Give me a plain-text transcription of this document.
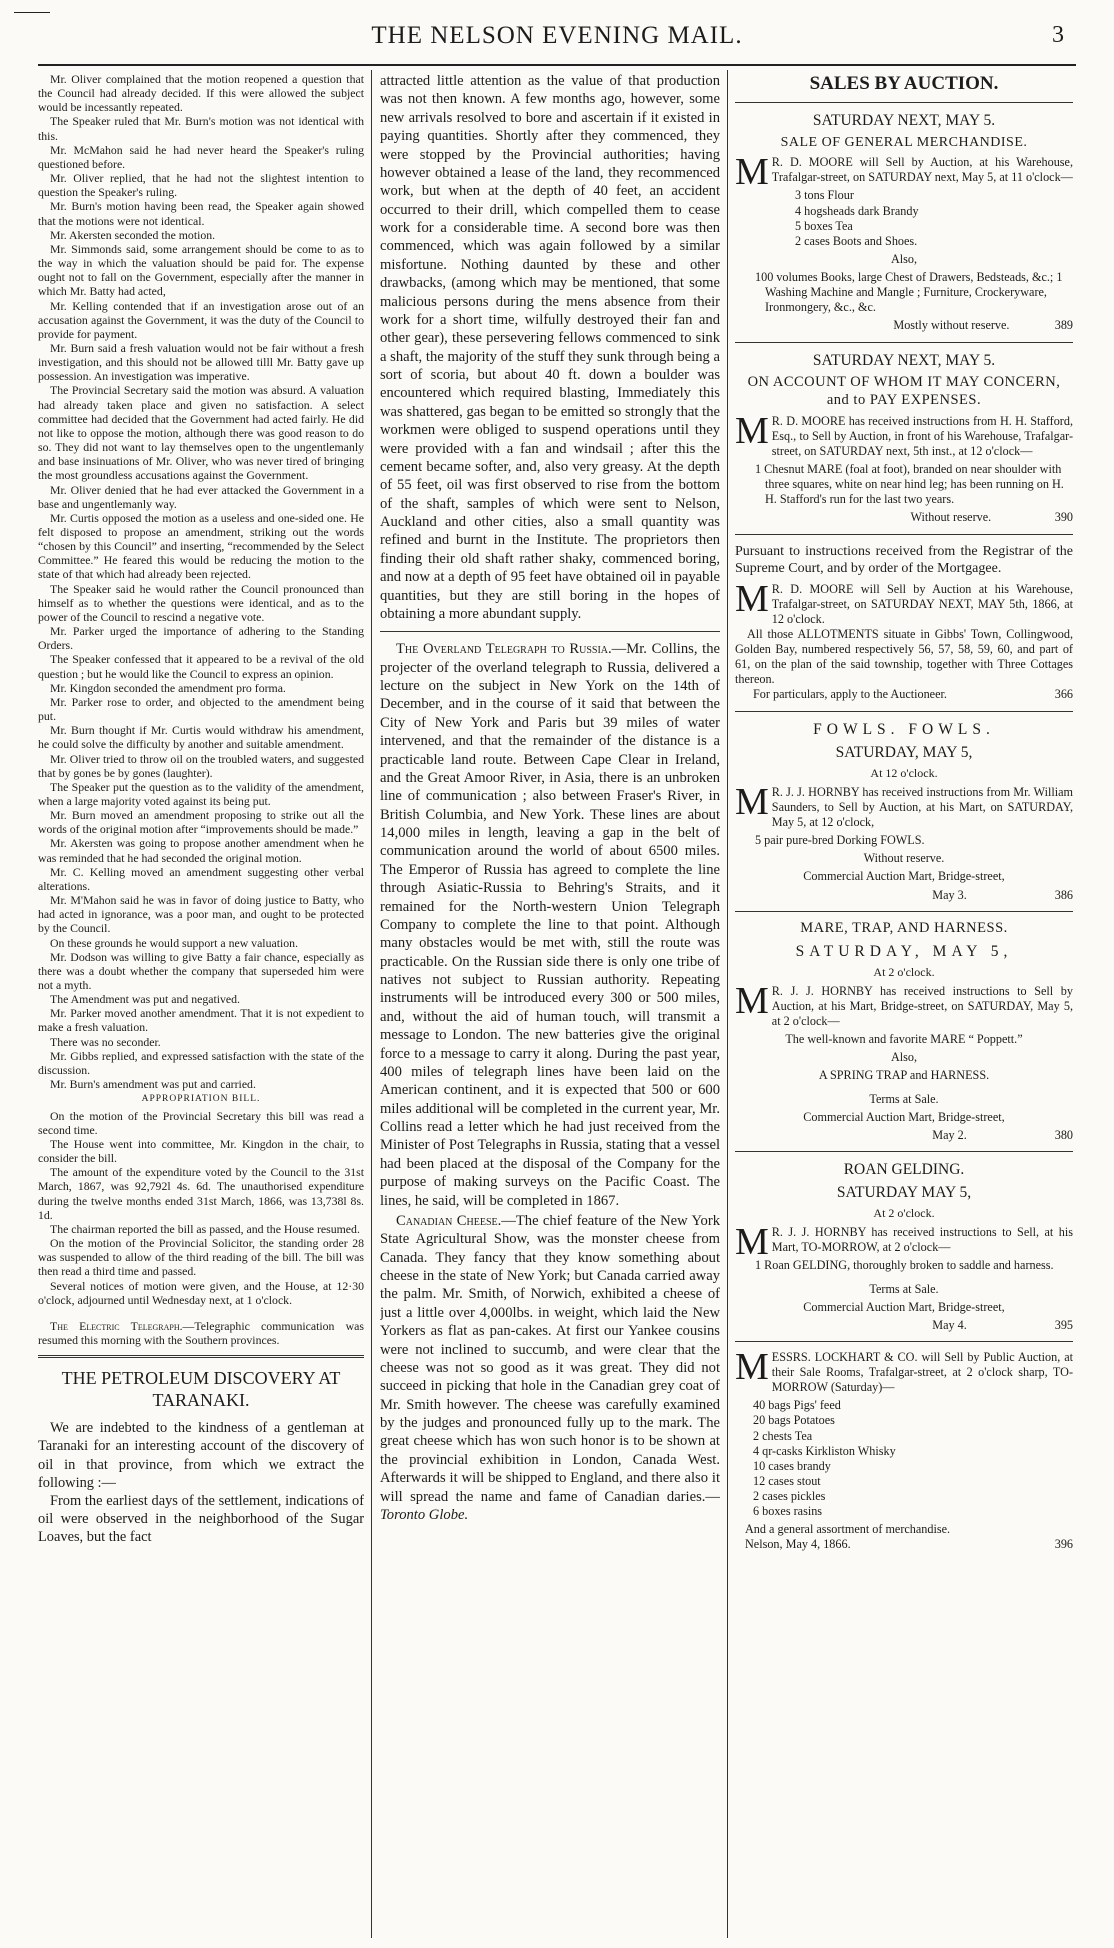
THE NELSON EVENING MAIL.	3

Mr. Oliver complained that the motion reopened a question that the Council had already decided. If this were allowed the subject would be incessantly repeated.

The Speaker ruled that Mr. Burn's motion was not identical with this.

Mr. McMahon said he had never heard the Speaker's ruling questioned before.

Mr. Oliver replied, that he had not the slightest intention to question the Speaker's ruling.

Mr. Burn's motion having been read, the Speaker again showed that the motions were not identical.

Mr. Akersten seconded the motion.

Mr. Simmonds said, some arrangement should be come to as to the way in which the valuation should be paid for. The expense ought not to fall on the Government, especially after the manner in which Mr. Batty had acted,

Mr. Kelling contended that if an investigation arose out of an accusation against the Government, it was the duty of the Council to provide for payment.

Mr. Burn said a fresh valuation would not be fair without a fresh investigation, and this should not be allowed tilll Mr. Batty gave up possession. An investigation was imperative.

The Provincial Secretary said the motion was absurd. A valuation had already taken place and given no satisfaction. A select committee had decided that the Government had acted fairly. He did not like to oppose the motion, although there was good reason to do so. They did not want to lay themselves open to the ungentlemanly and base insinuations of Mr. Oliver, who was never tired of bringing the most groundless accusations against the Government.

Mr. Oliver denied that he had ever attacked the Government in a base and ungentlemanly way.

Mr. Curtis opposed the motion as a useless and one-sided one. He felt disposed to propose an amendment, striking out the words “chosen by this Council” and inserting, “recommended by the Select Committee.” He feared this would be reducing the motion to the state of that which had already been rejected.

The Speaker said he would rather the Council pronounced than himself as to whether the questions were identical, and as to the power of the Council to rescind a negative vote.

Mr. Parker urged the importance of adhering to the Standing Orders.

The Speaker confessed that it appeared to be a revival of the old question ; but he would like the Council to express an opinion.

Mr. Kingdon seconded the amendment pro forma.

Mr. Parker rose to order, and objected to the amendment being put.

Mr. Burn thought if Mr. Curtis would withdraw his amendment, he could solve the difficulty by another and suitable amendment.

Mr. Oliver tried to throw oil on the troubled waters, and suggested that by gones be by gones (laughter).

The Speaker put the question as to the validity of the amendment, when a large majority voted against its being put.

Mr. Burn moved an amendment proposing to strike out all the words of the original motion after “improvements should be made.”

Mr. Akersten was going to propose another amendment when he was reminded that he had seconded the original motion.

Mr. C. Kelling moved an amendment suggesting other verbal alterations.

Mr. M'Mahon said he was in favor of doing justice to Batty, who had acted in ignorance, was a poor man, and ought to be protected by the Council.

On these grounds he would support a new valuation.

Mr. Dodson was willing to give Batty a fair chance, especially as there was a doubt whether the company that superseded him were not a myth.

The Amendment was put and negatived.

Mr. Parker moved another amendment. That it is not expedient to make a fresh valuation.

There was no seconder.

Mr. Gibbs replied, and expressed satisfaction with the state of the discussion.

Mr. Burn's amendment was put and carried.

APPROPRIATION BILL.

On the motion of the Provincial Secretary this bill was read a second time.

The House went into committee, Mr. Kingdon in the chair, to consider the bill.

The amount of the expenditure voted by the Council to the 31st March, 1867, was 92,792l 4s. 6d. The unauthorised expenditure during the twelve months ended 31st March, 1866, was 13,738l 8s. 1d.

The chairman reported the bill as passed, and the House resumed.

On the motion of the Provincial Solicitor, the standing order 28 was suspended to allow of the third reading of the bill. The bill was then read a third time and passed.

Several notices of motion were given, and the House, at 12·30 o'clock, adjourned until Wednesday next, at 1 o'clock.

The Electric Telegraph.—Telegraphic communication was resumed this morning with the Southern provinces.

THE PETROLEUM DISCOVERY AT TARANAKI.

We are indebted to the kindness of a gentleman at Taranaki for an interesting account of the discovery of oil in that province, from which we extract the following :—

From the earliest days of the settlement, indications of oil were observed in the neighborhood of the Sugar Loaves, but the fact

attracted little attention as the value of that production was not then known. A few months ago, however, some new arrivals resolved to bore and ascertain if it existed in paying quantities. Shortly after they commenced, they were stopped by the Provincial authorities; having however obtained a lease of the land, they recommenced work, but when at the depth of 40 feet, an accident occurred to their drill, which compelled them to cease work for a considerable time. A second bore was then commenced, which was again followed by a similar misfortune. Nothing daunted by these and other drawbacks, (among which may be mentioned, that some malicious persons during the mens absence from their work for a short time, wilfully destroyed their fan and other gear), these persevering fellows commenced to sink a shaft, the majority of the stuff they sunk through being a sort of scoria, but about 40 ft. down a boulder was encountered which required blasting, Immediately this was shattered, gas began to be emitted so strongly that the workmen were obliged to suspend operations until they were provided with a fan and windsail ; after this the cement became softer, and, also very greasy. At the depth of 55 feet, oil was first observed to rise from the bottom of the shaft, samples of which were sent to Nelson, Auckland and other cities, also a small quantity was refined and burnt in the Institute. The proprietors then finding their old shaft rather shaky, commenced boring, and now at a depth of 95 feet have obtained oil in payable quantities, but they are still boring in the hopes of obtaining a more abundant supply.

The Overland Telegraph to Russia.—Mr. Collins, the projecter of the overland telegraph to Russia, delivered a lecture on the subject in New York on the 14th of December, and in the course of it said that between the City of New York and Paris but 39 miles of water intervened, and that the remainder of the distance is a practicable land route. Between Cape Clear in Ireland, and the Great Amoor River, in Asia, there is an unbroken line of communication ; also between Fraser's River, in British Columbia, and New York. These lines are about 14,000 miles in length, leaving a gap in the belt of communication around the world of about 6500 miles. The Emperor of Russia has agreed to complete the line through Asiatic-Russia to Behring's Straits, and it remained for the North-western Union Telegraph Company to complete the line to that point. Although many obstacles would be met with, still the route was practicable. On the Russian side there is only one tribe of natives not subject to Russian authority. Repeating instruments will be introduced every 300 or 500 miles, and, without the aid of human touch, will transmit a message to London. The new batteries give the original force to a message to carry it along. During the past year, 400 miles of telegraph lines have been laid on the American continent, and it is expected that 500 or 600 miles additional will be completed in the current year, Mr. Collins read a letter which he had just received from the Minister of Post Telegraphs in Russia, stating that a vessel had been placed at the disposal of the Company for the purpose of making surveys on the Pacific Coast. The lines, he said, will be completed in 1867.

Canadian Cheese.—The chief feature of the New York State Agricultural Show, was the monster cheese from Canada. They fancy that they know something about cheese in the state of New York; but Canada carried away the palm. Mr. Smith, of Norwich, exhibited a cheese of just a little over 4,000lbs. in weight, which laid the New Yorkers as flat as pan-cakes. At first our Yankee cousins were not inclined to succumb, and were clear that the cheese was not so good as it was great. They did not succeed in picking that hole in the Canadian grey coat of Mr. Smith however. The cheese was carefully examined by the judges and pronounced fully up to the mark. The great cheese which has won such honor is to be shown at the provincial exhibition in London, Canada West. Afterwards it will be shipped to England, and there also it will spread the name and fame of Canadian daries.—Toronto Globe.

SALES BY AUCTION.
SATURDAY NEXT, MAY 5.
SALE OF GENERAL MERCHANDISE.

M R. D. MOORE will Sell by Auction, at his Warehouse, Trafalgar-street, on SATURDAY next, May 5, at 11 o'clock—

3 tons Flour
4 hogsheads dark Brandy
5 boxes Tea
2 cases Boots and Shoes.
Also,
100 volumes Books, large Chest of Drawers, Bedsteads, &c.; 1 Washing Machine and Mangle ; Furniture, Crockeryware, Ironmongery, &c., &c.
Mostly without reserve.	389
SATURDAY NEXT, MAY 5.
ON ACCOUNT OF WHOM IT MAY CONCERN, and to PAY EXPENSES.

M R. D. MOORE has received instructions from H. H. Stafford, Esq., to Sell by Auction, in front of his Warehouse, Trafalgar-street, on SATURDAY next, 5th inst., at 12 o'clock—

1 Chesnut MARE (foal at foot), branded on near shoulder with three squares, white on near hind leg; has been running on H. H. Stafford's run for the last two years.
Without reserve.	390

Pursuant to instructions received from the Registrar of the Supreme Court, and by order of the Mortgagee.

M R. D. MOORE will Sell by Auction at his Warehouse, Trafalgar-street, on SATURDAY NEXT, MAY 5th, 1866, at 12 o'clock.

All those ALLOTMENTS situate in Gibbs' Town, Collingwood, Golden Bay, numbered respectively 56, 57, 58, 59, 60, and part of 61, on the plan of the said township, together with Three Cottages thereon.

For particulars, apply to the Auctioneer.	366
FOWLS. FOWLS.
SATURDAY, MAY 5,
At 12 o'clock.

M R. J. J. HORNBY has received instructions from Mr. William Saunders, to Sell by Auction, at his Mart, on SATURDAY, May 5, at 12 o'clock,

5 pair pure-bred Dorking FOWLS.
Without reserve.
Commercial Auction Mart, Bridge-street,
May 3.	386
MARE, TRAP, AND HARNESS.
SATURDAY, MAY 5,
At 2 o'clock.

M R. J. J. HORNBY has received instructions to Sell by Auction, at his Mart, Bridge-street, on SATURDAY, May 5, at 2 o'clock—

The well-known and favorite MARE “ Poppett.”
Also,
A SPRING TRAP and HARNESS.
Terms at Sale.
Commercial Auction Mart, Bridge-street,
May 2.	380
ROAN GELDING.
SATURDAY MAY 5,
At 2 o'clock.

M R. J. J. HORNBY has received instructions to Sell, at his Mart, TO-MORROW, at 2 o'clock—

1 Roan GELDING, thoroughly broken to saddle and harness.
Terms at Sale.
Commercial Auction Mart, Bridge-street,
May 4.	395

MESSRS. LOCKHART & CO. will Sell by Public Auction, at their Sale Rooms, Trafalgar-street, at 2 o'clock sharp, TO-MORROW (Saturday)—

40 bags Pigs' feed
20 bags Potatoes
2 chests Tea
4 qr-casks Kirkliston Whisky
10 cases brandy
12 cases stout
2 cases pickles
6 boxes rasins

And a general assortment of merchandise.

Nelson, May 4, 1866.	396
